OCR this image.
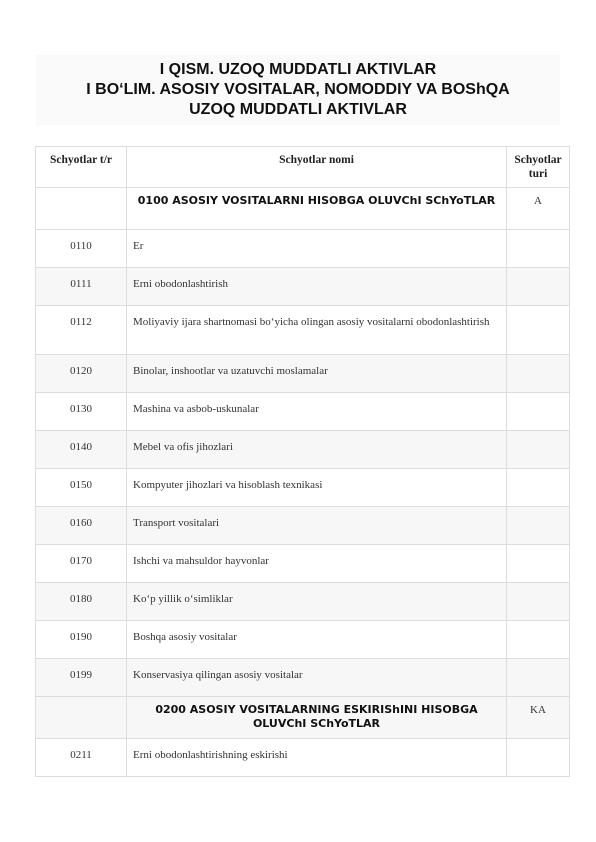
I QISM. UZOQ MUDDATLI AKTIVLAR
I BO‘LIM. ASOSIY VOSITALAR, NOMODDIY VA BOShQA
UZOQ MUDDATLI AKTIVLAR
Schyotlar t/r	Schyotlar nomi	Schyotlar turi
	0100 ASOSIY VOSITALARNI HISOBGA OLUVChI SChYoTLAR	A
0110	Er	
0111	Erni obodonlashtirish	
0112	Moliyaviy ijara shartnomasi bo‘yicha olingan asosiy vositalarni obodonlashtirish	
0120	Binolar, inshootlar va uzatuvchi moslamalar	
0130	Mashina va asbob-uskunalar	
0140	Mebel va ofis jihozlari	
0150	Kompyuter jihozlari va hisoblash texnikasi	
0160	Transport vositalari	
0170	Ishchi va mahsuldor hayvonlar	
0180	Ko‘p yillik o‘simliklar	
0190	Boshqa asosiy vositalar	
0199	Konservasiya qilingan asosiy vositalar	
	0200 ASOSIY VOSITALARNING ESKIRIShINI HISOBGA OLUVChI SChYoTLAR	KA
0211	Erni obodonlashtirishning eskirishi	
